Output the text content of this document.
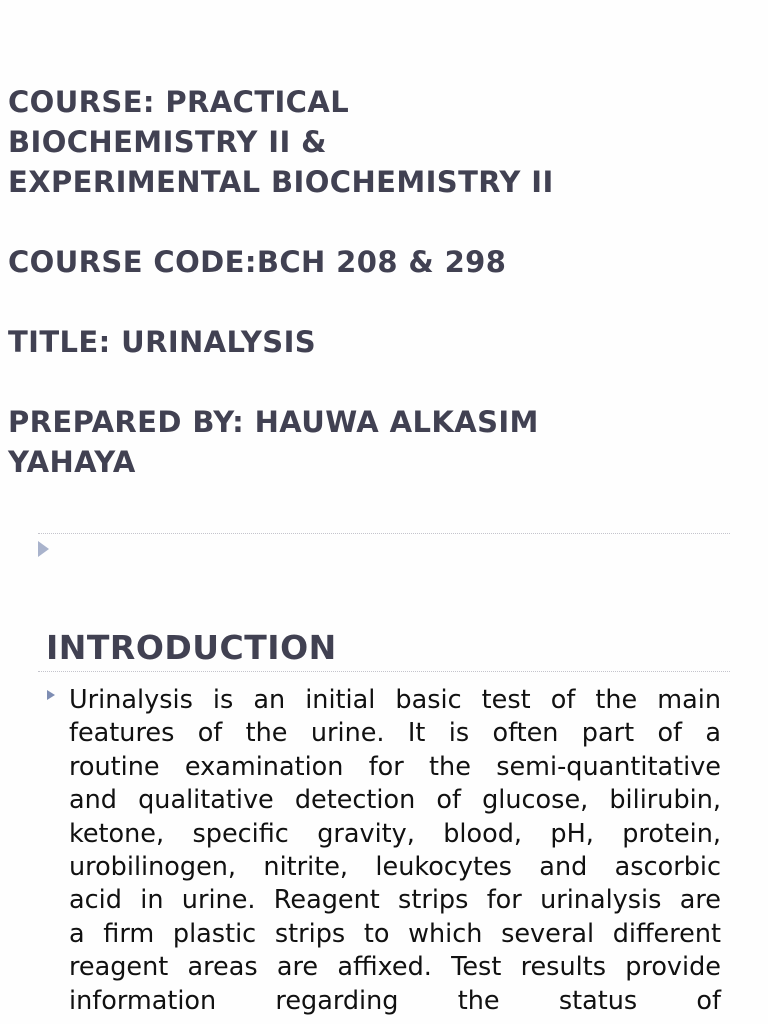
COURSE: PRACTICAL
BIOCHEMISTRY II &
EXPERIMENTAL BIOCHEMISTRY II
COURSE CODE:BCH 208 & 298
TITLE: URINALYSIS
PREPARED BY: HAUWA ALKASIM
YAHAYA
INTRODUCTION
Urinalysis is an initial basic test of the main
features of the urine. It is often part of a
routine examination for the semi-quantitative
and qualitative detection of glucose, bilirubin,
ketone, specific gravity, blood, pH, protein,
urobilinogen, nitrite, leukocytes and ascorbic
acid in urine. Reagent strips for urinalysis are
a firm plastic strips to which several different
reagent areas are affixed. Test results provide
information regarding the status of
